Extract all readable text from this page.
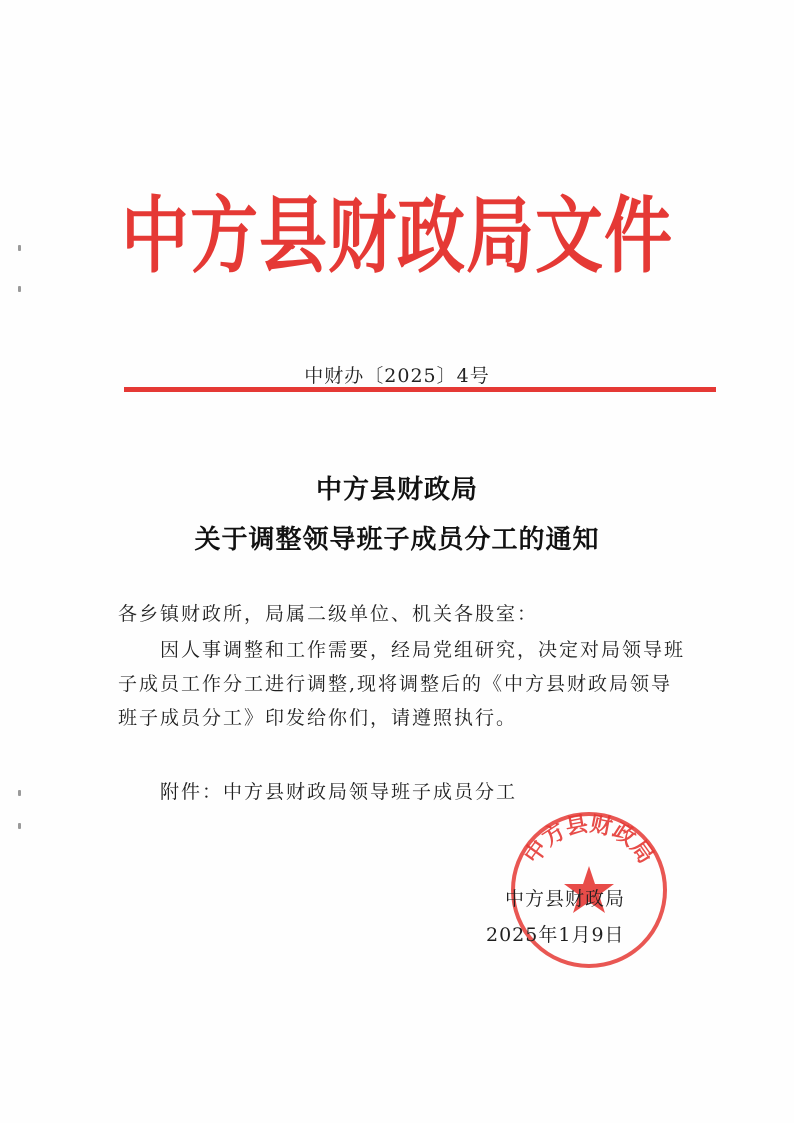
中方县财政局文件
中财办〔2025〕4号
中方县财政局
关于调整领导班子成员分工的通知
各乡镇财政所，局属二级单位、机关各股室：
因人事调整和工作需要，经局党组研究，决定对局领导班子成员工作分工进行调整,现将调整后的《中方县财政局领导班子成员分工》印发给你们，请遵照执行。
附件：中方县财政局领导班子成员分工
中方县财政局
中方县财政局
2025年1月9日
